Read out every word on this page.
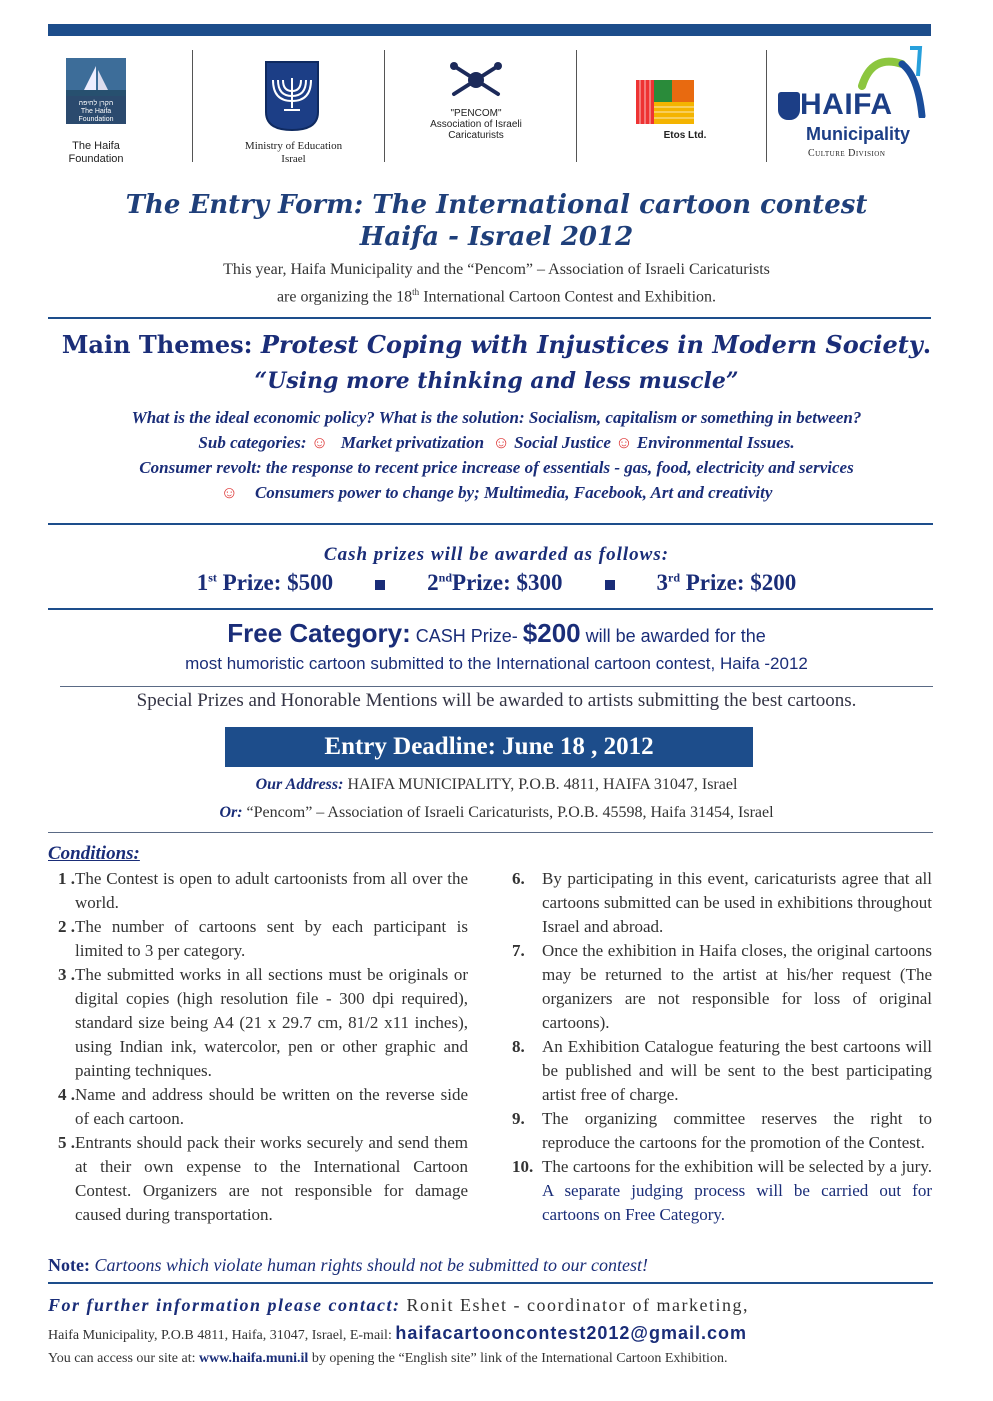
הקרן לחיפה
The Haifa Foundation
The Haifa
Foundation
Ministry of Education
Israel
"PENCOM"
Association of Israeli
Caricaturists	Etos Ltd.
HAIFA
Municipality
Culture Division
The Entry Form: The International cartoon contest
Haifa - Israel 2012
This year, Haifa Municipality and the “Pencom” – Association of Israeli Caricaturists
are organizing the 18th International Cartoon Contest and Exhibition.
Main Themes: Protest Coping with Injustices in Modern Society.
“Using more thinking and less muscle”
What is the ideal economic policy? What is the solution: Socialism, capitalism or something in between?
Sub categories: ☺ Market privatization ☺ Social Justice ☺ Environmental Issues.
Consumer revolt: the response to recent price increase of essentials - gas, food, electricity and services
☺ Consumers power to change by; Multimedia, Facebook, Art and creativity
Cash prizes will be awarded as follows:
1st Prize: $500	2ndPrize: $300	3rd Prize: $200
Free Category: CASH Prize- $200 will be awarded for the
most humoristic cartoon submitted to the International cartoon contest, Haifa -2012
Special Prizes and Honorable Mentions will be awarded to artists submitting the best cartoons.
Entry Deadline: June 18 , 2012
Our Address: HAIFA MUNICIPALITY, P.O.B. 4811, HAIFA 31047, Israel
Or: “Pencom” – Association of Israeli Caricaturists, P.O.B. 45598, Haifa 31454, Israel
Conditions:
1 . The Contest is open to adult cartoonists from all over the world.
2 . The number of cartoons sent by each participant is limited to 3 per category.
3 . The submitted works in all sections must be originals or digital copies (high resolution file - 300 dpi required), standard size being A4 (21 x 29.7 cm, 81/2 x11 inches), using Indian ink, watercolor, pen or other graphic and painting techniques.
4 . Name and address should be written on the reverse side of each cartoon.
5 . Entrants should pack their works securely and send them at their own expense to the International Cartoon Contest. Organizers are not responsible for damage caused during transportation.
6.	By participating in this event, caricaturists agree that all cartoons submitted can be used in exhibitions throughout Israel and abroad.
7.	Once the exhibition in Haifa closes, the original cartoons may be returned to the artist at his/her request (The organizers are not responsible for loss of original cartoons).
8.	An Exhibition Catalogue featuring the best cartoons will be published and will be sent to the best participating artist free of charge.
9.	The organizing committee reserves the right to reproduce the cartoons for the promotion of the Contest.
10. The cartoons for the exhibition will be selected by a jury. A separate judging process will be carried out for cartoons on Free Category.
Note: Cartoons which violate human rights should not be submitted to our contest!
For further information please contact: Ronit Eshet - coordinator of marketing,
Haifa Municipality, P.O.B 4811, Haifa, 31047, Israel, E-mail: haifacartooncontest2012@gmail.com
You can access our site at: www.haifa.muni.il by opening the “English site” link of the International Cartoon Exhibition.
